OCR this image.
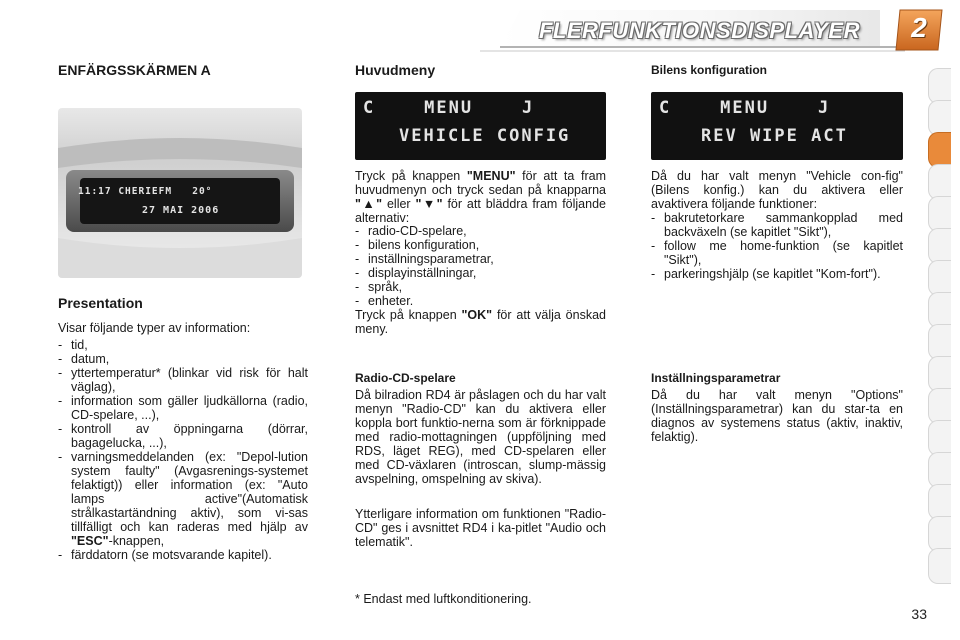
FLERFUNKTIONSDISPLAYER	2
ENFÄRGSSKÄRMEN A
11:17 CHERIEFM   20°
27 MAI 2006
Presentation

Visar följande typer av information:

- tid,
- datum,
- yttertemperatur* (blinkar vid risk för halt väglag),
- information som gäller ljudkällorna (radio, CD-spelare, ...),
- kontroll av öppningarna (dörrar, bagagelucka, ...),
- varningsmeddelanden (ex: "Depol-lution system faulty" (Avgasrenings-systemet felaktigt)) eller information (ex: "Auto lamps active"(Automatisk strålkastartändning aktiv), som vi-sas tillfälligt och kan raderas med hjälp av "ESC"-knappen,
- färddatorn (se motsvarande kapitel).
Huvudmeny
C    MENU    J
VEHICLE CONFIG

Tryck på knappen "MENU" för att ta fram huvudmenyn och tryck sedan på knapparna "▲" eller "▼" för att bläddra fram följande alternativ:

- radio-CD-spelare,
- bilens konfiguration,
- inställningsparametrar,
- displayinställningar,
- språk,
- enheter.

Tryck på knappen "OK" för att välja önskad meny.

Radio-CD-spelare

Då bilradion RD4 är påslagen och du har valt menyn "Radio-CD" kan du aktivera eller koppla bort funktio-nerna som är förknippade med radio-mottagningen (uppföljning med RDS, läget REG), med CD-spelaren eller med CD-växlaren (introscan, slump-mässig avspelning, omspelning av skiva).

Ytterligare information om funktionen "Radio-CD" ges i avsnittet RD4 i ka-pitlet "Audio och telematik".

* Endast med luftkonditionering.

Bilens konfiguration
C    MENU    J
REV WIPE ACT

Då du har valt menyn "Vehicle con-fig" (Bilens konfig.) kan du aktivera eller avaktivera följande funktioner:

- bakrutetorkare sammankopplad med backväxeln (se kapitlet "Sikt"),
- follow me home-funktion (se kapitlet "Sikt"),
- parkeringshjälp (se kapitlet "Kom-fort").
Inställningsparametrar

Då du har valt menyn "Options" (Inställningsparametrar) kan du star-ta en diagnos av systemens status (aktiv, inaktiv, felaktig).

33
